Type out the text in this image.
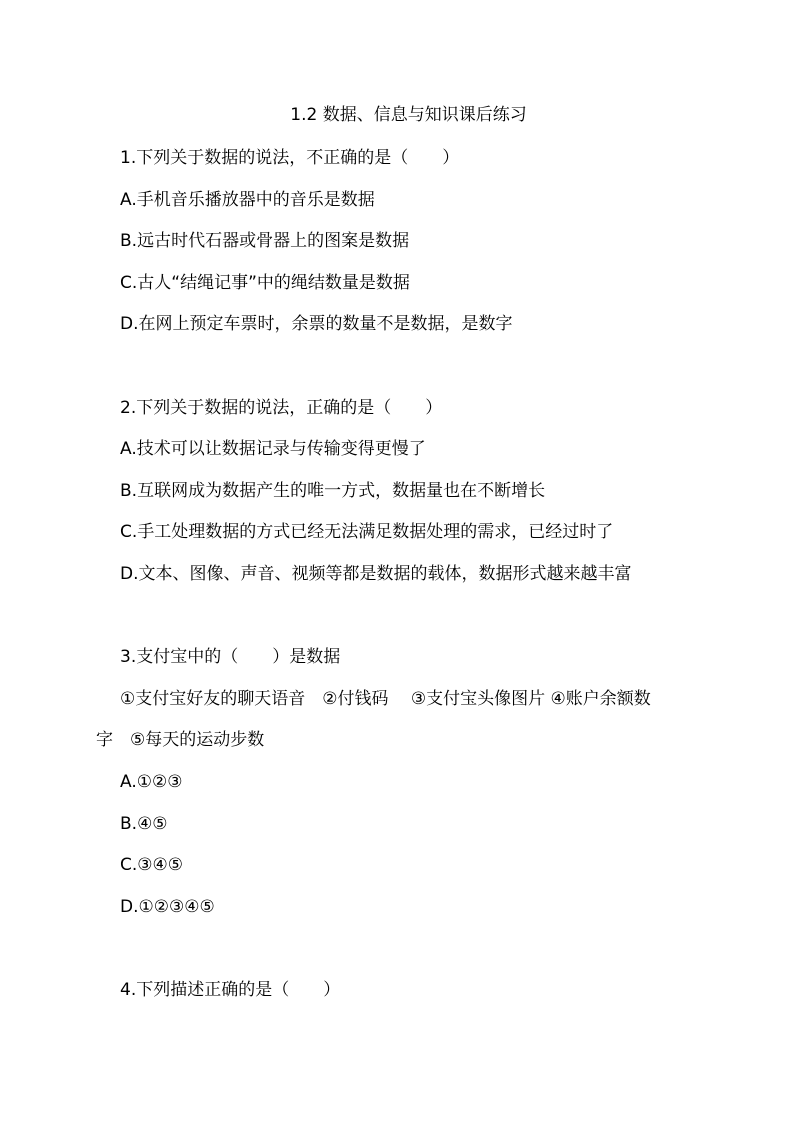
1.2 数据、信息与知识课后练习
1.下列关于数据的说法，不正确的是（　　）
A.手机音乐播放器中的音乐是数据
B.远古时代石器或骨器上的图案是数据
C.古人“结绳记事”中的绳结数量是数据
D.在网上预定车票时，余票的数量不是数据，是数字
2.下列关于数据的说法，正确的是（　　）
A.技术可以让数据记录与传输变得更慢了
B.互联网成为数据产生的唯一方式，数据量也在不断增长
C.手工处理数据的方式已经无法满足数据处理的需求，已经过时了
D.文本、图像、声音、视频等都是数据的载体，数据形式越来越丰富
3.支付宝中的（　　）是数据
①支付宝好友的聊天语音　②付钱码　 ③支付宝头像图片 ④账户余额数
字　⑤每天的运动步数
A.①②③
B.④⑤
C.③④⑤
D.①②③④⑤
4.下列描述正确的是（　　）
